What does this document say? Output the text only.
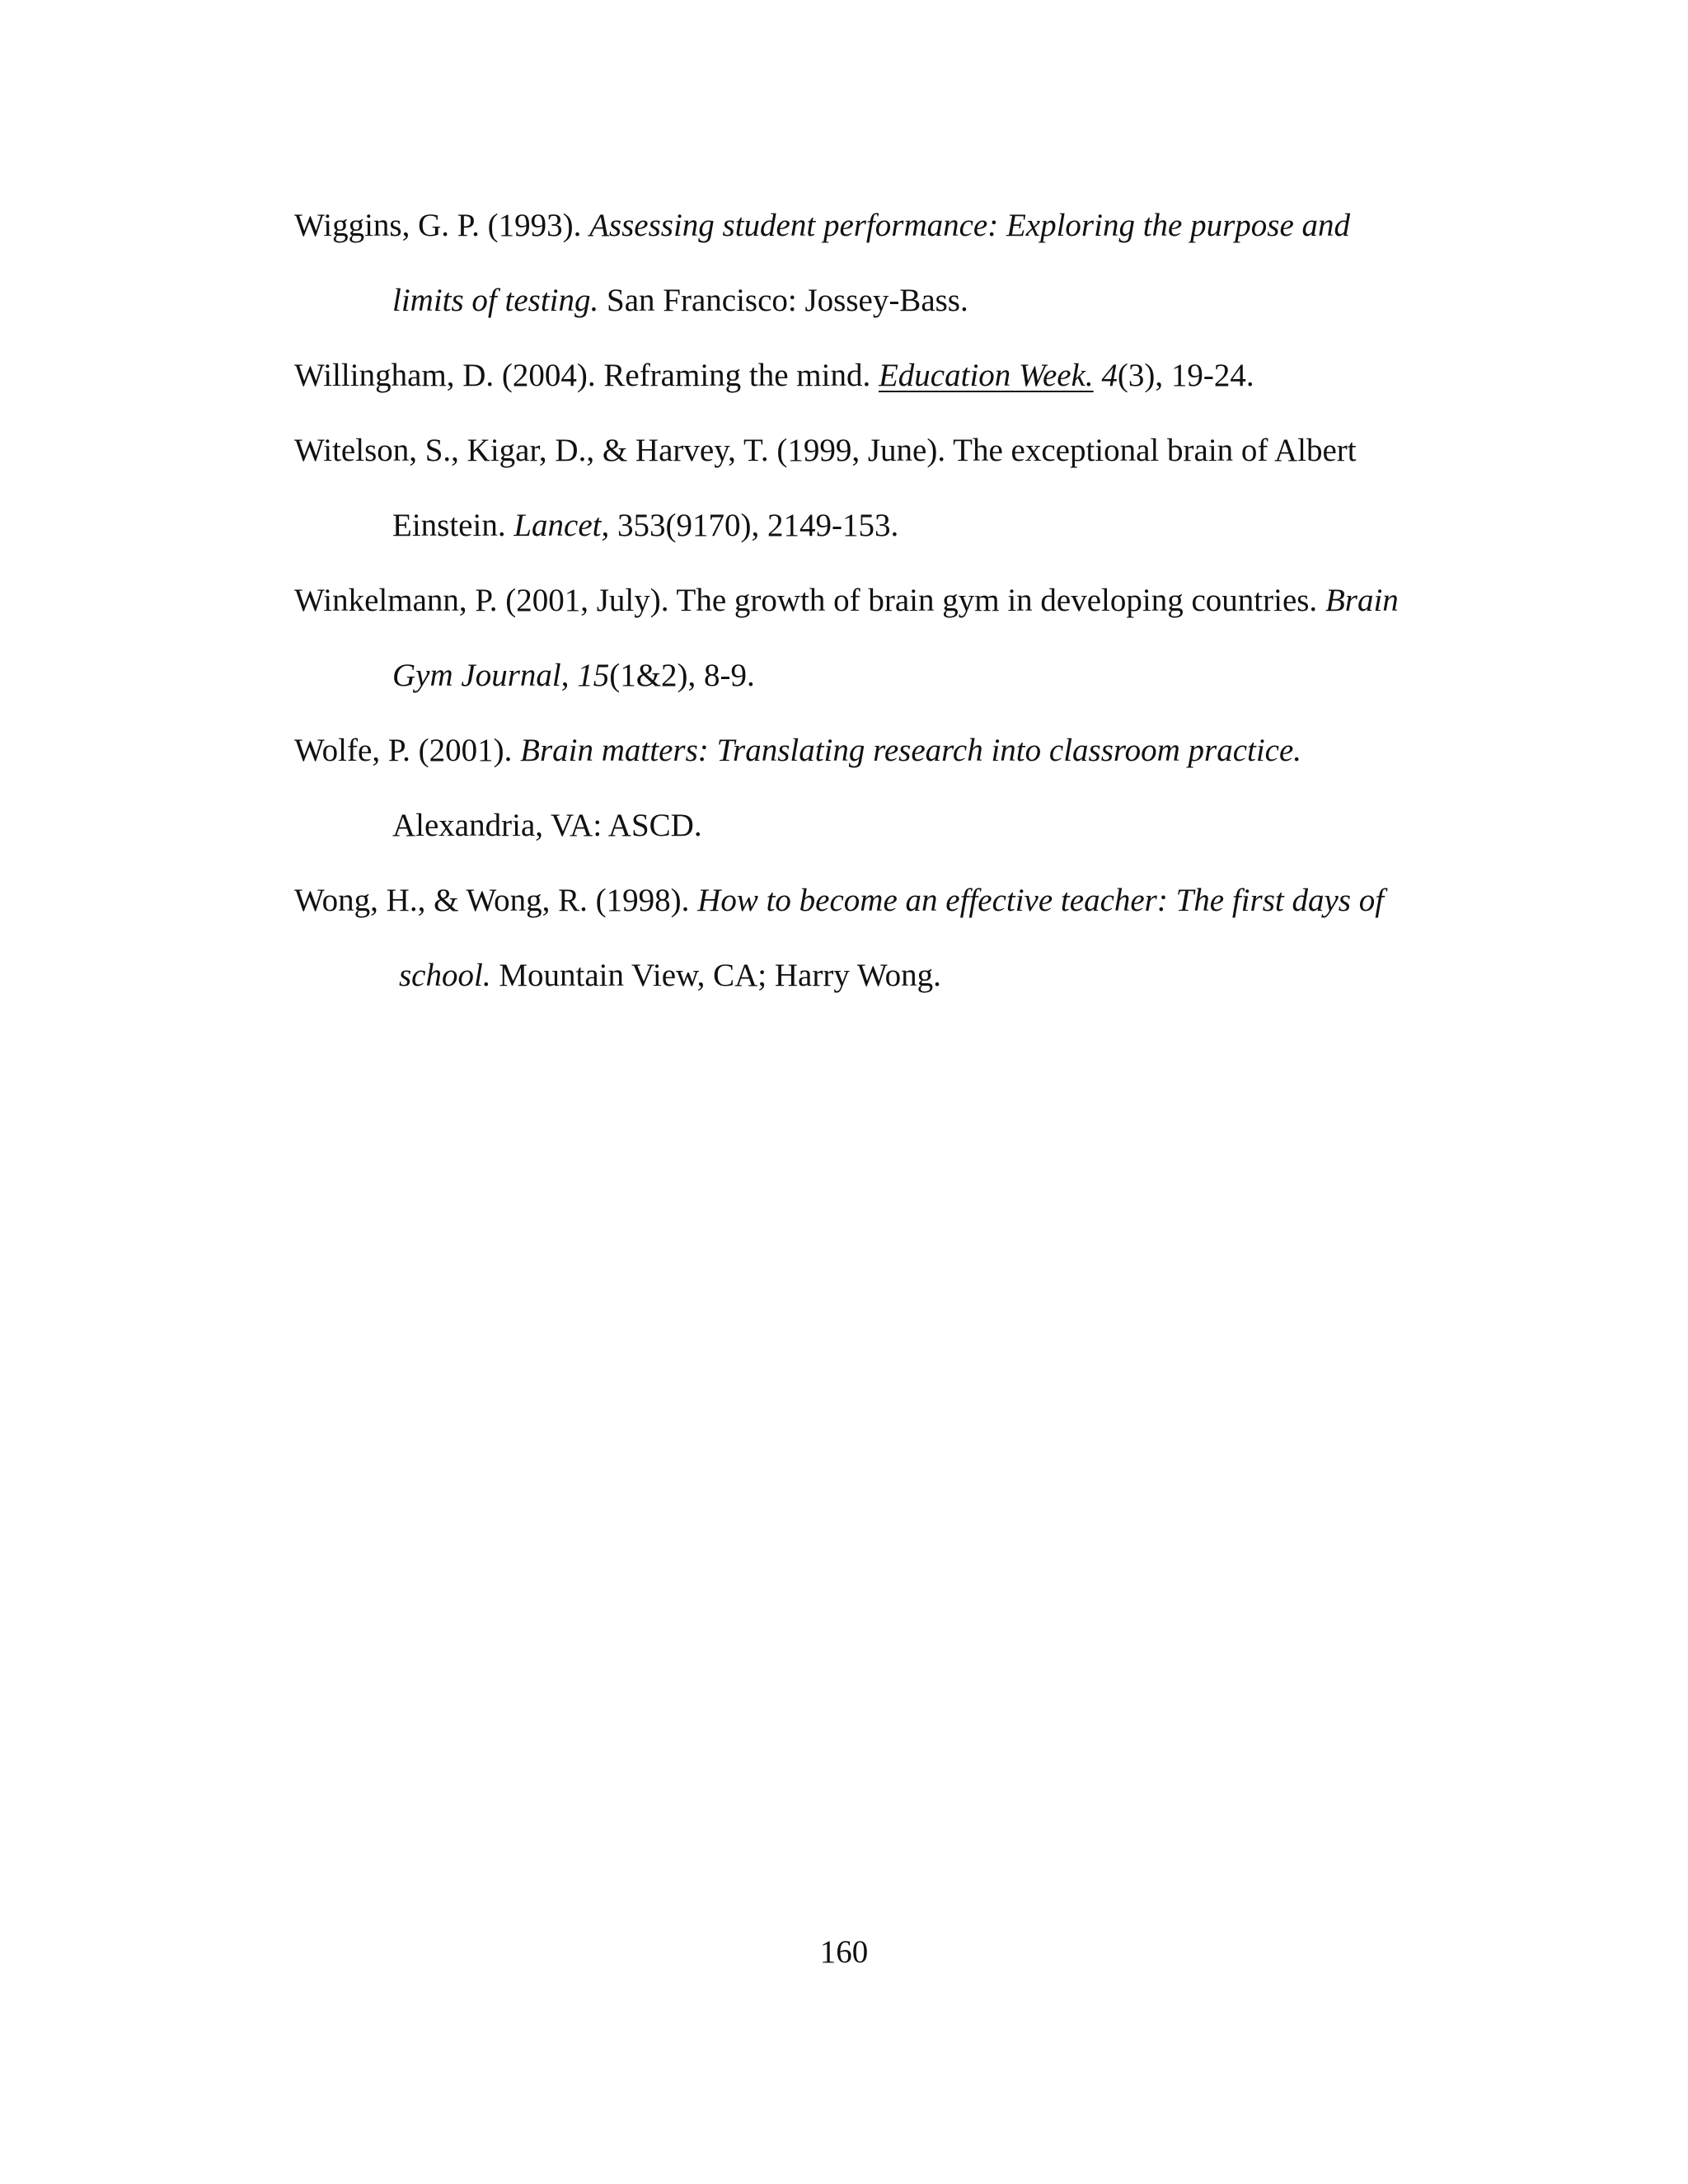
Wiggins, G. P. (1993). Assessing student performance: Exploring the purpose and
limits of testing. San Francisco: Jossey-Bass.
Willingham, D. (2004). Reframing the mind. Education Week. 4(3), 19-24.
Witelson, S., Kigar, D., & Harvey, T. (1999, June). The exceptional brain of Albert
Einstein. Lancet, 353(9170), 2149-153.
Winkelmann, P. (2001, July). The growth of brain gym in developing countries. Brain
Gym Journal, 15(1&2), 8-9.
Wolfe, P. (2001). Brain matters: Translating research into classroom practice.
Alexandria, VA: ASCD.
Wong, H., & Wong, R. (1998). How to become an effective teacher: The first days of
school. Mountain View, CA; Harry Wong.
160
